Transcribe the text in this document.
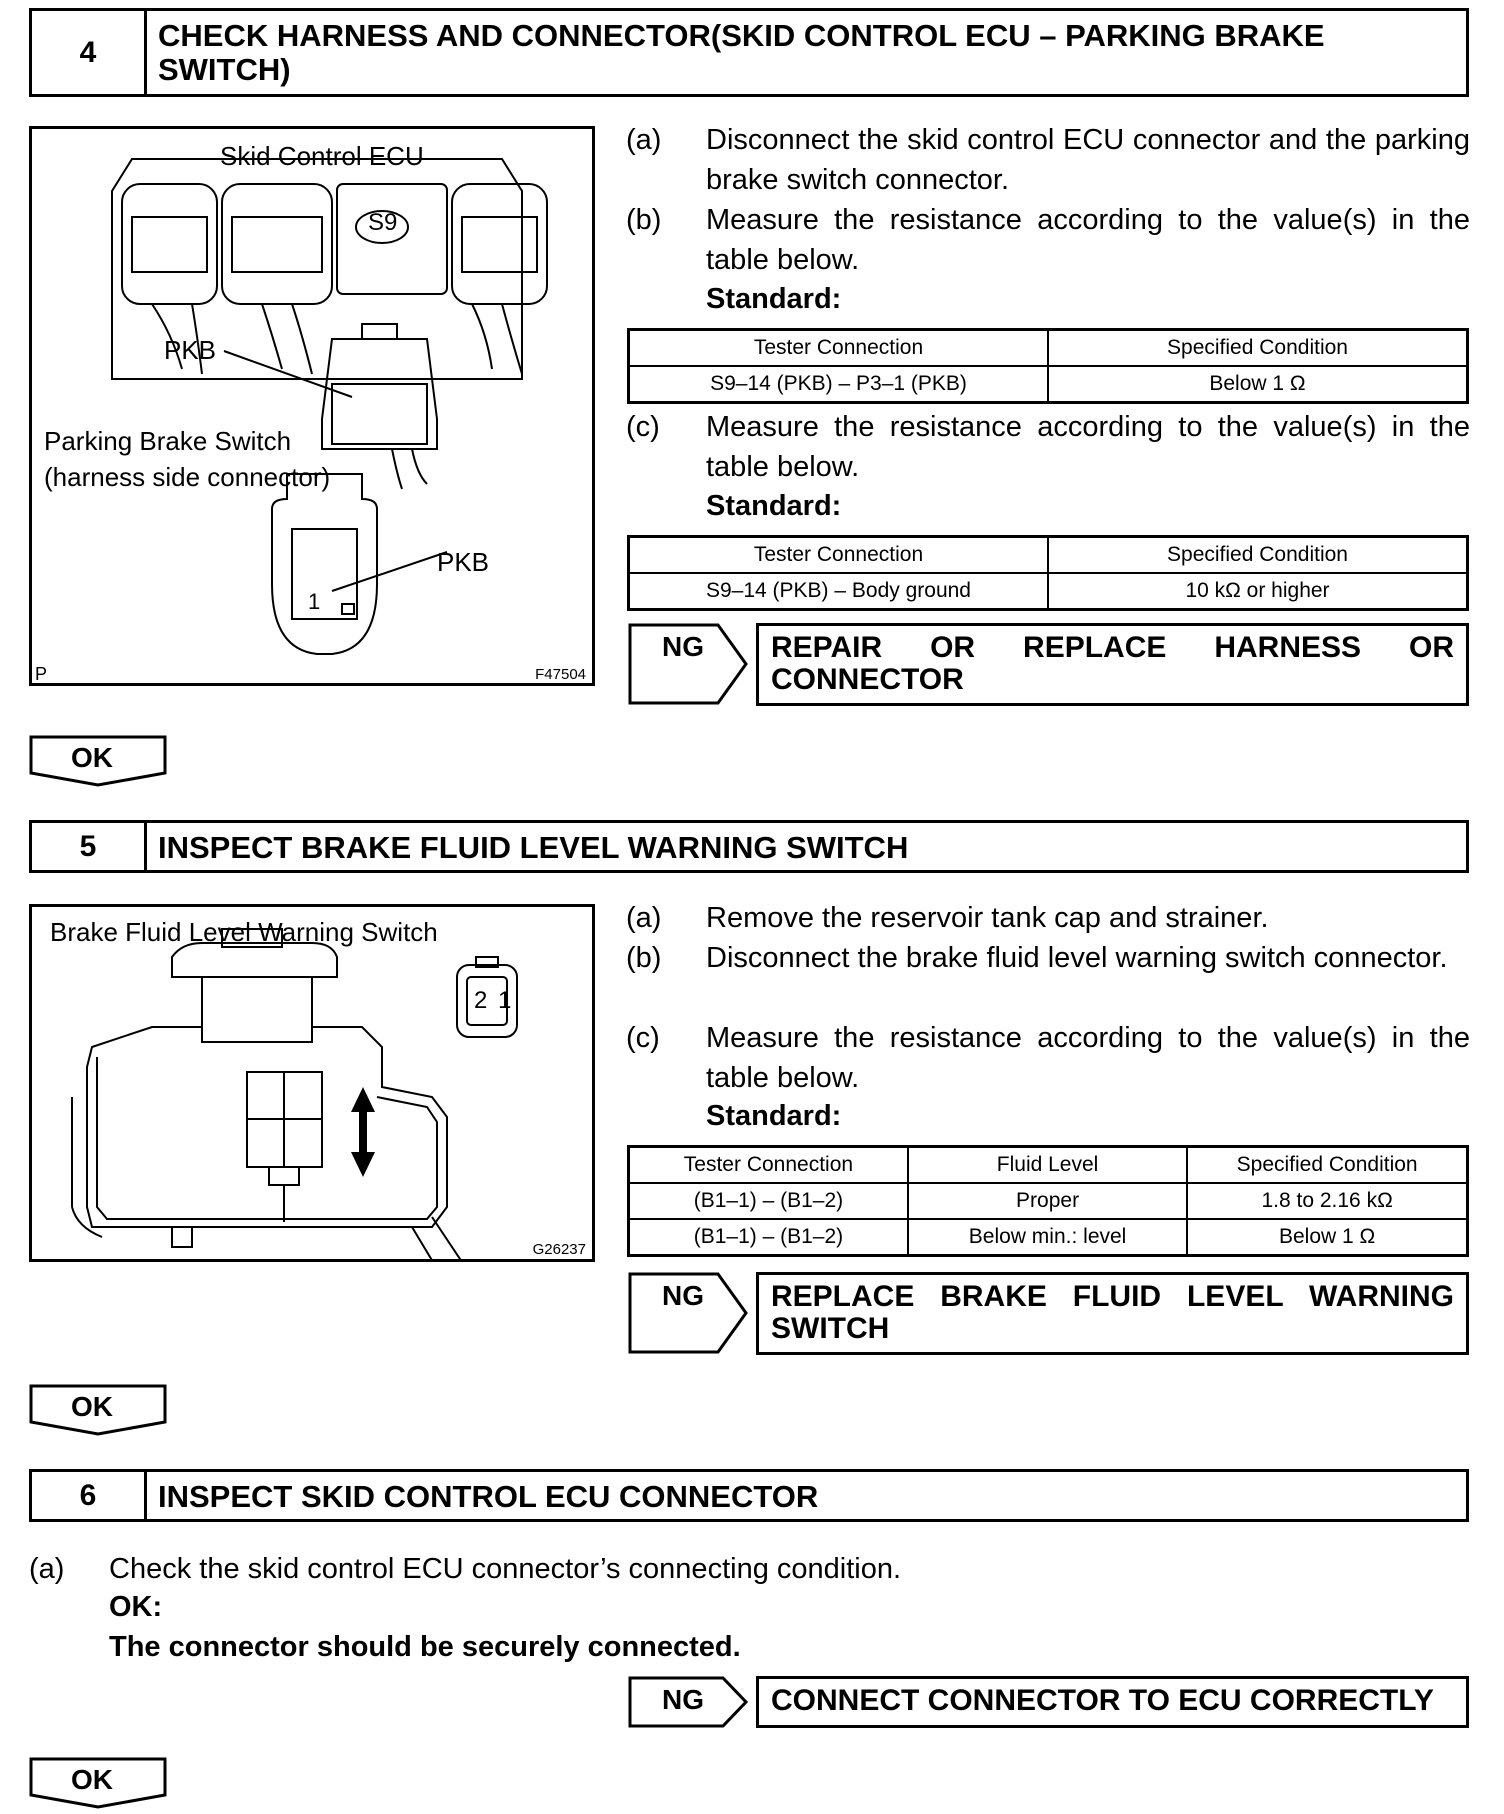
4	CHECK HARNESS AND CONNECTOR(SKID CONTROL ECU – PARKING BRAKE SWITCH)
Skid Control ECU
PKB
Parking Brake Switch
(harness side connector)
PKB
S9
1
P	F47504
(a) Disconnect the skid control ECU connector and the parking brake switch connector.
(b) Measure the resistance according to the value(s) in the table below.
Standard:
Tester Connection	Specified Condition
S9–14 (PKB) – P3–1 (PKB)	Below 1 Ω
(c) Measure the resistance according to the value(s) in the table below.
Standard:
Tester Connection	Specified Condition
S9–14 (PKB) – Body ground	10 kΩ or higher
NG	REPAIR OR REPLACE HARNESS OR CONNECTOR
OK
5	INSPECT BRAKE FLUID LEVEL WARNING SWITCH
Brake Fluid Level Warning Switch
2 1
G26237
(a) Remove the reservoir tank cap and strainer.
(b) Disconnect the brake fluid level warning switch connector.
(c) Measure the resistance according to the value(s) in the table below.
Standard:
Tester Connection	Fluid Level	Specified Condition
(B1–1) – (B1–2)	Proper	1.8 to 2.16 kΩ
(B1–1) – (B1–2)	Below min.: level	Below 1 Ω
NG	REPLACE BRAKE FLUID LEVEL WARNING SWITCH
OK
6	INSPECT SKID CONTROL ECU CONNECTOR
(a) Check the skid control ECU connector’s connecting condition.
OK:
The connector should be securely connected.
NG	CONNECT CONNECTOR TO ECU CORRECTLY
OK
